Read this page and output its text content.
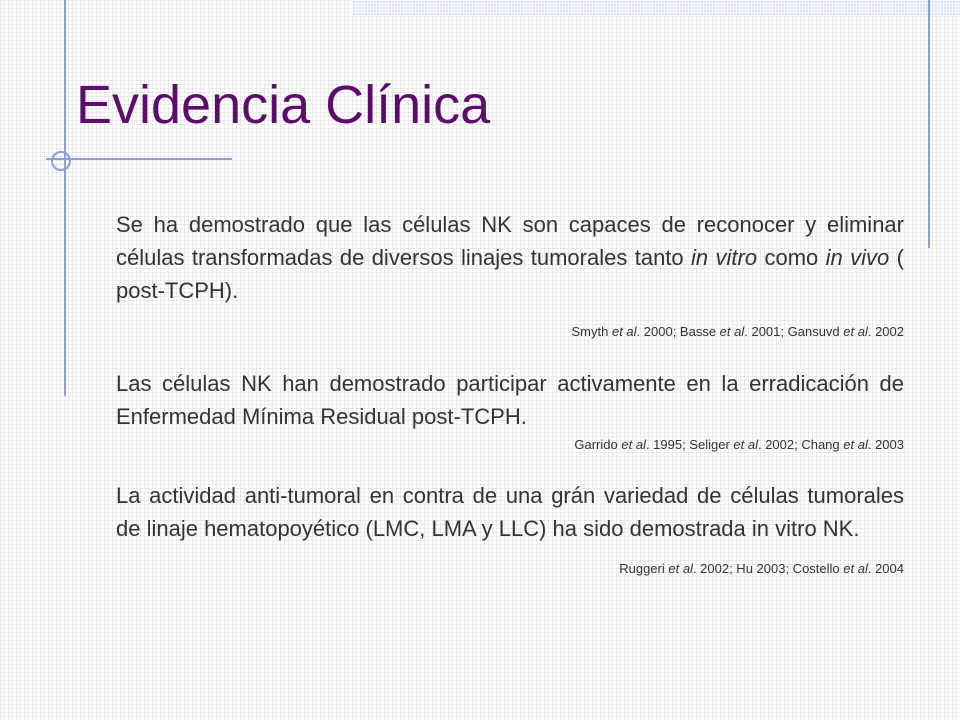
Evidencia Clínica

Se ha demostrado que las células NK son capaces de reconocer y eliminar células transformadas de diversos linajes tumorales tanto in vitro como in vivo ( post-TCPH).

Smyth et al. 2000; Basse et al. 2001; Gansuvd et al. 2002

Las células NK han demostrado participar activamente en la erradicación de Enfermedad Mínima Residual post-TCPH.

Garrido et al. 1995; Seliger et al. 2002; Chang et al. 2003

La actividad anti-tumoral en contra de una grán variedad de células tumorales de linaje hematopoyético (LMC, LMA y LLC) ha sido demostrada in vitro NK.

Ruggeri et al. 2002; Hu 2003; Costello et al. 2004
